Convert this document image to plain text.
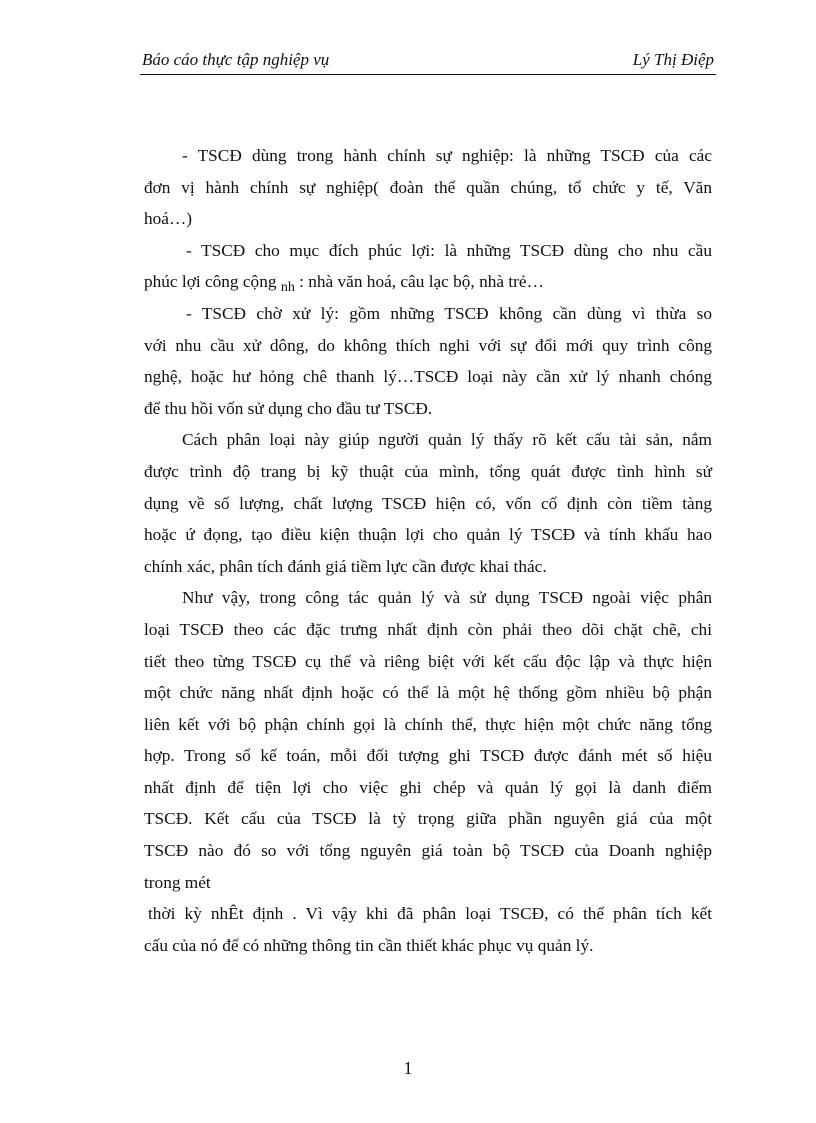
Báo cáo thực tập nghiệp vụ	Lý Thị Điệp
- TSCĐ dùng trong hành chính sự nghiệp: là những TSCĐ của các
đơn vị hành chính sự nghiệp( đoàn thể quần chúng, tổ chức y tế, Văn
hoá…)
- TSCĐ cho mục đích phúc lợi: là những TSCĐ dùng cho nhu cầu
phúc lợi công cộng $_{nh}$ : nhà văn hoá, câu lạc bộ, nhà trẻ…
- TSCĐ chờ xử lý: gồm những TSCĐ không cần dùng vì thừa so
với nhu cầu xử dông, do không thích nghi với sự đổi mới quy trình công
nghệ, hoặc hư hỏng chê thanh lý…TSCĐ loại này cần xử lý nhanh chóng
để thu hồi vốn sử dụng cho đầu tư TSCĐ.
Cách phân loại này giúp người quản lý thấy rõ kết cấu tài sản, nắm
được trình độ trang bị kỹ thuật của mình, tổng quát được tình hình sử
dụng về số lượng, chất lượng TSCĐ hiện có, vốn cố định còn tiềm tàng
hoặc ứ đọng, tạo điều kiện thuận lợi cho quản lý TSCĐ và tính khấu hao
chính xác, phân tích đánh giá tiềm lực cần được khai thác.
Như vậy, trong công tác quản lý và sử dụng TSCĐ ngoài việc phân
loại TSCĐ theo các đặc trưng nhất định còn phải theo dõi chặt chẽ, chi
tiết theo từng TSCĐ cụ thể và riêng biệt với kết cấu độc lập và thực hiện
một chức năng nhất định hoặc có thể là một hệ thống gồm nhiều bộ phận
liên kết với bộ phận chính gọi là chính thể, thực hiện một chức năng tổng
hợp. Trong sổ kế toán, mỗi đối tượng ghi TSCĐ được đánh mét số hiệu
nhất định để tiện lợi cho việc ghi chép và quản lý gọi là danh điểm
TSCĐ. Kết cấu của TSCĐ là tỷ trọng giữa phần nguyên giá của một
TSCĐ nào đó so với tổng nguyên giá toàn bộ TSCĐ của Doanh nghiệp
trong mét
thời kỳ nhÊt định . Vì vậy khi đã phân loại TSCĐ, có thể phân tích kết
cấu của nó để có những thông tin cần thiết khác phục vụ quản lý.
1
